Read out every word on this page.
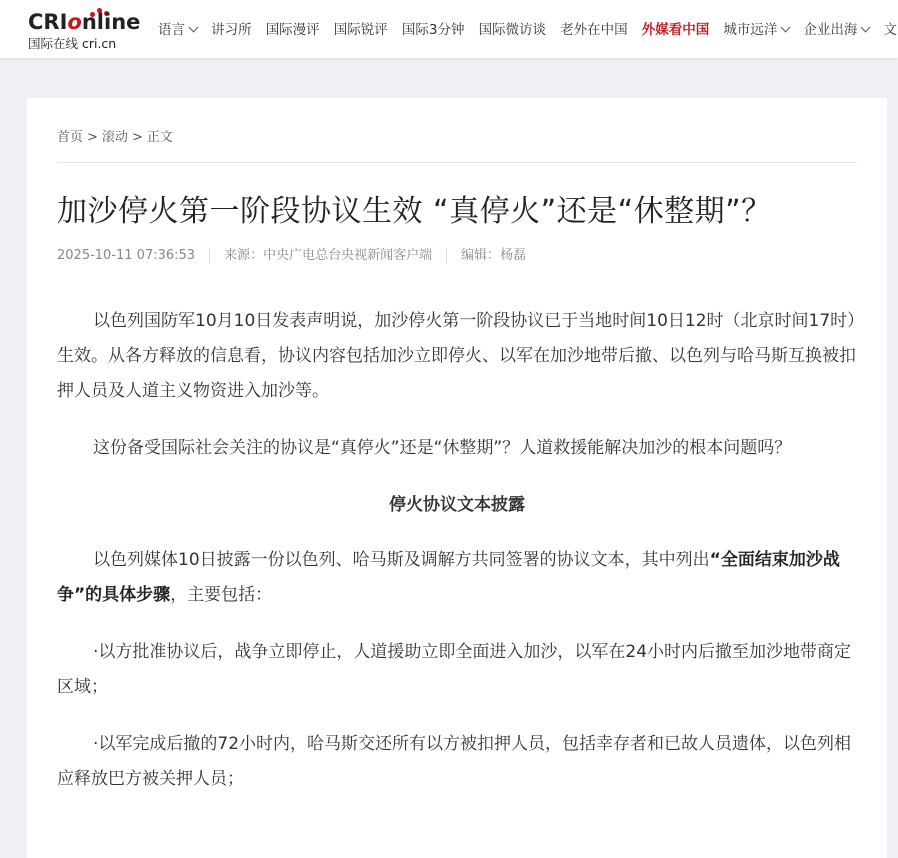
CRIonline
国际在线 cri.cn
语言 讲习所 国际漫评 国际锐评 国际3分钟 国际微访谈 老外在中国 外媒看中国 城市远洋 企业出海 文
首页 > 滚动 > 正文
加沙停火第一阶段协议生效 “真停火”还是“休整期”？
2025-10-11 07:36:53 来源：中央广电总台央视新闻客户端 编辑：杨磊

以色列国防军10月10日发表声明说，加沙停火第一阶段协议已于当地时间10日12时（北京时间17时）生效。从各方释放的信息看，协议内容包括加沙立即停火、以军在加沙地带后撤、以色列与哈马斯互换被扣押人员及人道主义物资进入加沙等。

这份备受国际社会关注的协议是“真停火”还是“休整期”？人道救援能解决加沙的根本问题吗？

停火协议文本披露

以色列媒体10日披露一份以色列、哈马斯及调解方共同签署的协议文本，其中列出“全面结束加沙战争”的具体步骤，主要包括：

·以方批准协议后，战争立即停止，人道援助立即全面进入加沙，以军在24小时内后撤至加沙地带商定区域；

·以军完成后撤的72小时内，哈马斯交还所有以方被扣押人员，包括幸存者和已故人员遗体，以色列相应释放巴方被关押人员；
